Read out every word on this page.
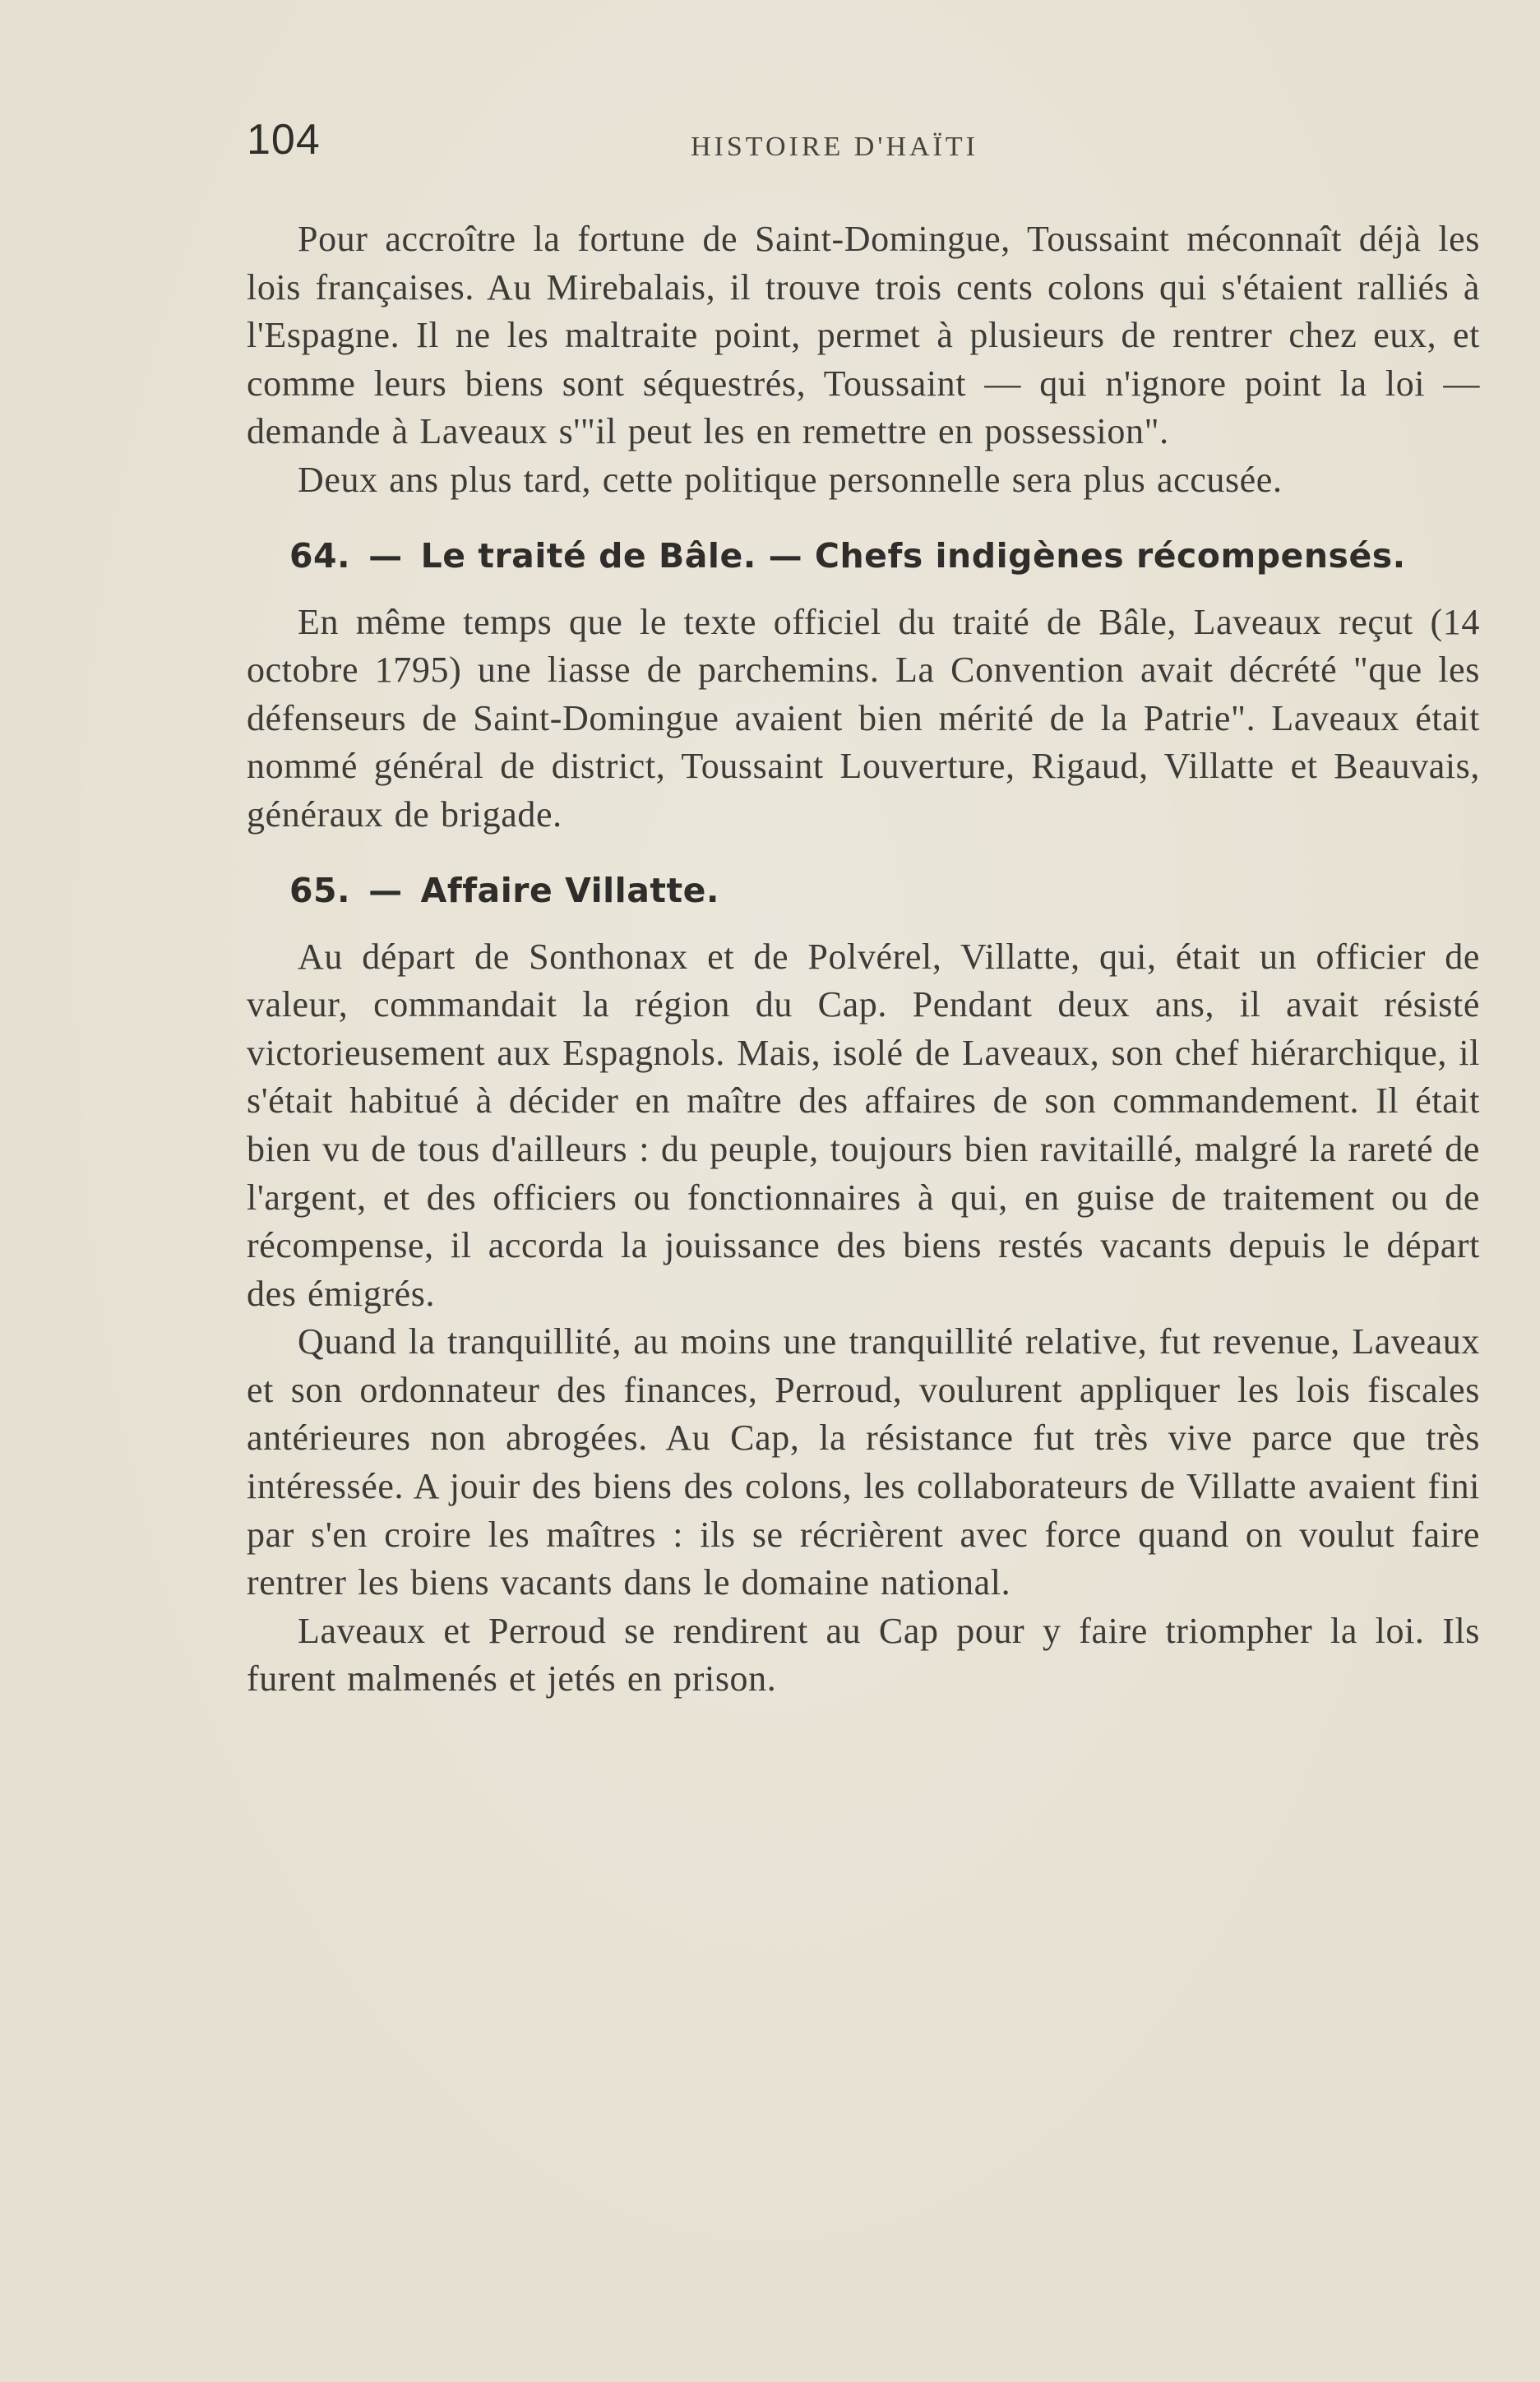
104	HISTOIRE D'HAÏTI

Pour accroître la fortune de Saint-Domingue, Toussaint méconnaît déjà les lois françaises. Au Mirebalais, il trouve trois cents colons qui s'étaient ralliés à l'Espagne. Il ne les maltraite point, permet à plusieurs de rentrer chez eux, et comme leurs biens sont séquestrés, Toussaint — qui n'ignore point la loi — demande à Laveaux s'"il peut les en remettre en possession".

Deux ans plus tard, cette politique personnelle sera plus accusée.

64. — Le traité de Bâle. — Chefs indigènes récompensés.

En même temps que le texte officiel du traité de Bâle, Laveaux reçut (14 octobre 1795) une liasse de parchemins. La Convention avait décrété "que les défenseurs de Saint-Domingue avaient bien mérité de la Patrie". Laveaux était nommé général de district, Toussaint Louverture, Rigaud, Villatte et Beauvais, généraux de brigade.

65. — Affaire Villatte.

Au départ de Sonthonax et de Polvérel, Villatte, qui, était un officier de valeur, commandait la région du Cap. Pendant deux ans, il avait résisté victorieusement aux Espagnols. Mais, isolé de Laveaux, son chef hiérarchique, il s'était habitué à décider en maître des affaires de son commandement. Il était bien vu de tous d'ailleurs : du peuple, toujours bien ravitaillé, malgré la rareté de l'argent, et des officiers ou fonctionnaires à qui, en guise de traitement ou de récompense, il accorda la jouissance des biens restés vacants depuis le départ des émigrés.

Quand la tranquillité, au moins une tranquillité relative, fut revenue, Laveaux et son ordonnateur des finances, Perroud, voulurent appliquer les lois fiscales antérieures non abrogées. Au Cap, la résistance fut très vive parce que très intéressée. A jouir des biens des colons, les collaborateurs de Villatte avaient fini par s'en croire les maîtres : ils se récrièrent avec force quand on voulut faire rentrer les biens vacants dans le domaine national.

Laveaux et Perroud se rendirent au Cap pour y faire triompher la loi. Ils furent malmenés et jetés en prison.
